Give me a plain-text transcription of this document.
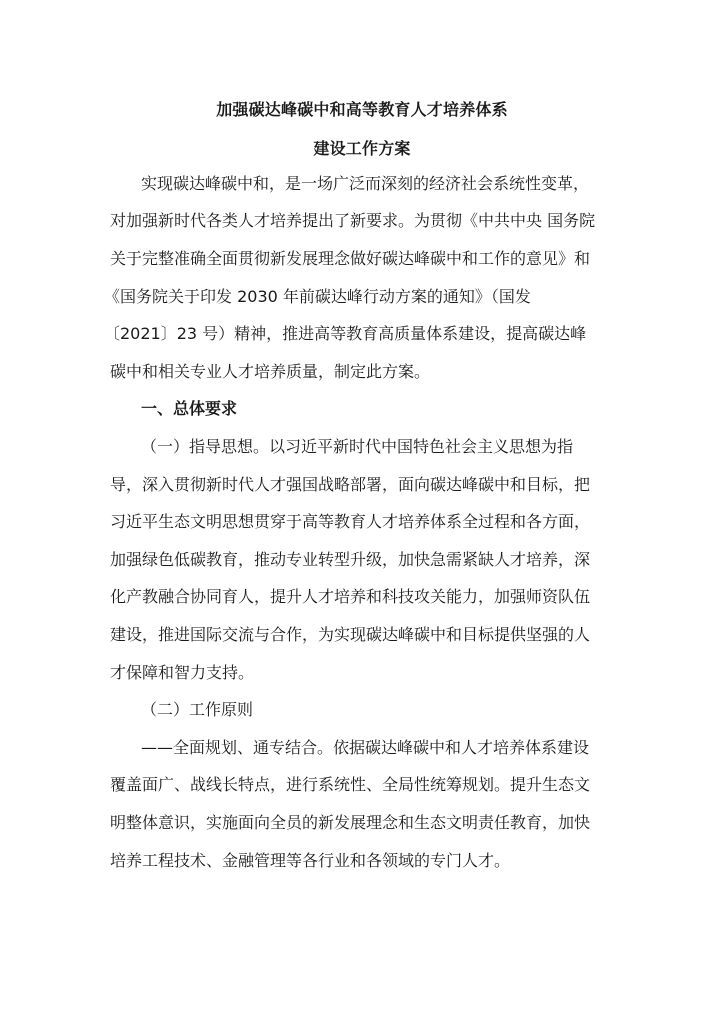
加强碳达峰碳中和高等教育人才培养体系
建设工作方案
实现碳达峰碳中和，是一场广泛而深刻的经济社会系统性变革，
对加强新时代各类人才培养提出了新要求。为贯彻《中共中央 国务院
关于完整准确全面贯彻新发展理念做好碳达峰碳中和工作的意见》和
《国务院关于印发 2030 年前碳达峰行动方案的通知》（国发
〔2021〕23 号）精神，推进高等教育高质量体系建设，提高碳达峰
碳中和相关专业人才培养质量，制定此方案。
一、总体要求
（一）指导思想。以习近平新时代中国特色社会主义思想为指
导，深入贯彻新时代人才强国战略部署，面向碳达峰碳中和目标，把
习近平生态文明思想贯穿于高等教育人才培养体系全过程和各方面，
加强绿色低碳教育，推动专业转型升级，加快急需紧缺人才培养，深
化产教融合协同育人，提升人才培养和科技攻关能力，加强师资队伍
建设，推进国际交流与合作，为实现碳达峰碳中和目标提供坚强的人
才保障和智力支持。
（二）工作原则
——全面规划、通专结合。依据碳达峰碳中和人才培养体系建设
覆盖面广、战线长特点，进行系统性、全局性统筹规划。提升生态文
明整体意识，实施面向全员的新发展理念和生态文明责任教育，加快
培养工程技术、金融管理等各行业和各领域的专门人才。
